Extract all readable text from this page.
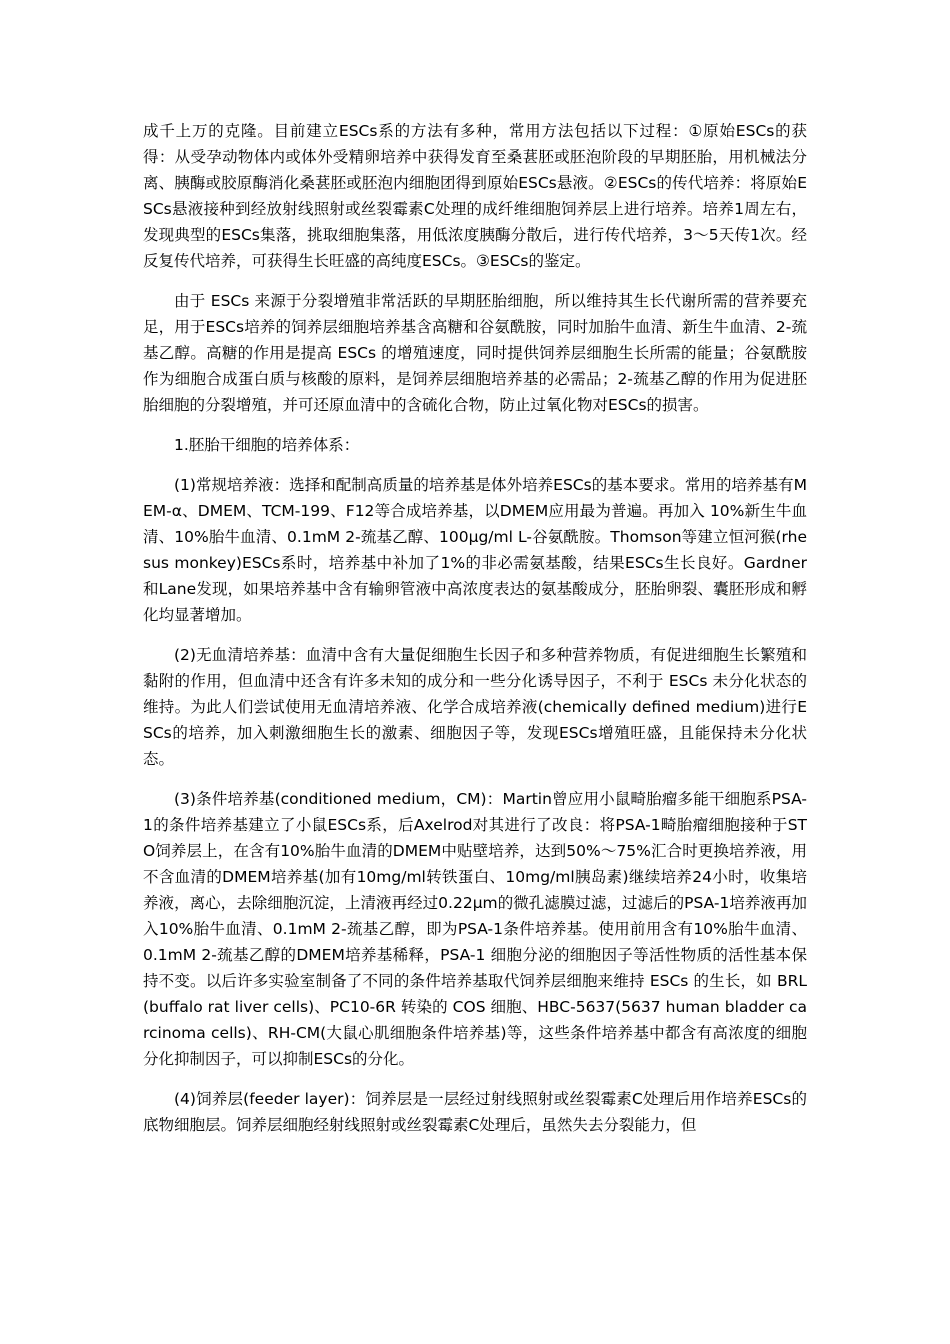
成千上万的克隆。目前建立ESCs系的方法有多种，常用方法包括以下过程：①原始ESCs的获得：从受孕动物体内或体外受精卵培养中获得发育至桑葚胚或胚泡阶段的早期胚胎，用机械法分离、胰酶或胶原酶消化桑葚胚或胚泡内细胞团得到原始ESCs悬液。②ESCs的传代培养：将原始ESCs悬液接种到经放射线照射或丝裂霉素C处理的成纤维细胞饲养层上进行培养。培养1周左右，发现典型的ESCs集落，挑取细胞集落，用低浓度胰酶分散后，进行传代培养，3～5天传1次。经反复传代培养，可获得生长旺盛的高纯度ESCs。③ESCs的鉴定。

由于 ESCs 来源于分裂增殖非常活跃的早期胚胎细胞，所以维持其生长代谢所需的营养要充足，用于ESCs培养的饲养层细胞培养基含高糖和谷氨酰胺，同时加胎牛血清、新生牛血清、2-巯基乙醇。高糖的作用是提高 ESCs 的增殖速度，同时提供饲养层细胞生长所需的能量；谷氨酰胺作为细胞合成蛋白质与核酸的原料，是饲养层细胞培养基的必需品；2-巯基乙醇的作用为促进胚胎细胞的分裂增殖，并可还原血清中的含硫化合物，防止过氧化物对ESCs的损害。

1.胚胎干细胞的培养体系：

(1)常规培养液：选择和配制高质量的培养基是体外培养ESCs的基本要求。常用的培养基有MEM-α、DMEM、TCM-199、F12等合成培养基，以DMEM应用最为普遍。再加入 10%新生牛血清、10%胎牛血清、0.1mM 2-巯基乙醇、100μg/ml L-谷氨酰胺。Thomson等建立恒河猴(rhesus monkey)ESCs系时，培养基中补加了1%的非必需氨基酸，结果ESCs生长良好。Gardner和Lane发现，如果培养基中含有输卵管液中高浓度表达的氨基酸成分，胚胎卵裂、囊胚形成和孵化均显著增加。

(2)无血清培养基：血清中含有大量促细胞生长因子和多种营养物质，有促进细胞生长繁殖和黏附的作用，但血清中还含有许多未知的成分和一些分化诱导因子，不利于 ESCs 未分化状态的维持。为此人们尝试使用无血清培养液、化学合成培养液(chemically defined medium)进行ESCs的培养，加入刺激细胞生长的激素、细胞因子等，发现ESCs增殖旺盛，且能保持未分化状态。

(3)条件培养基(conditioned medium，CM)：Martin曾应用小鼠畸胎瘤多能干细胞系PSA-1的条件培养基建立了小鼠ESCs系，后Axelrod对其进行了改良：将PSA-1畸胎瘤细胞接种于STO饲养层上，在含有10%胎牛血清的DMEM中贴壁培养，达到50%～75%汇合时更换培养液，用不含血清的DMEM培养基(加有10mg/ml转铁蛋白、10mg/ml胰岛素)继续培养24小时，收集培养液，离心，去除细胞沉淀，上清液再经过0.22μm的微孔滤膜过滤，过滤后的PSA-1培养液再加入10%胎牛血清、0.1mM 2-巯基乙醇，即为PSA-1条件培养基。使用前用含有10%胎牛血清、0.1mM 2-巯基乙醇的DMEM培养基稀释，PSA-1 细胞分泌的细胞因子等活性物质的活性基本保持不变。以后许多实验室制备了不同的条件培养基取代饲养层细胞来维持 ESCs 的生长，如 BRL(buffalo rat liver cells)、PC10-6R 转染的 COS 细胞、HBC-5637(5637 human bladder carcinoma cells)、RH-CM(大鼠心肌细胞条件培养基)等，这些条件培养基中都含有高浓度的细胞分化抑制因子，可以抑制ESCs的分化。

(4)饲养层(feeder layer)：饲养层是一层经过射线照射或丝裂霉素C处理后用作培养ESCs的底物细胞层。饲养层细胞经射线照射或丝裂霉素C处理后，虽然失去分裂能力，但
